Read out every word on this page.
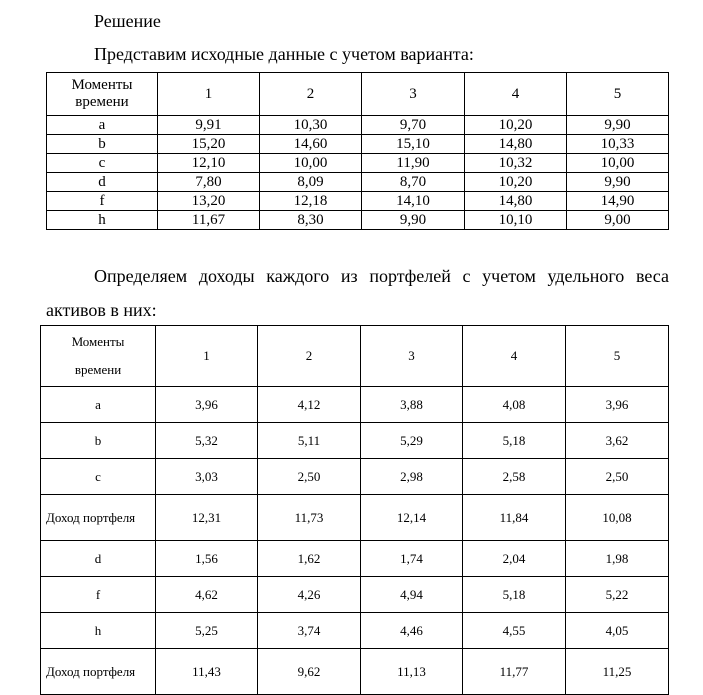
Решение

Представим исходные данные с учетом варианта:

Моменты
времени	1	2	3	4	5
a	9,91	10,30	9,70	10,20	9,90
b	15,20	14,60	15,10	14,80	10,33
c	12,10	10,00	11,90	10,32	10,00
d	7,80	8,09	8,70	10,20	9,90
f	13,20	12,18	14,10	14,80	14,90
h	11,67	8,30	9,90	10,10	9,00

Определяем доходы каждого из портфелей с учетом удельного веса

активов в них:

Моменты
времени	1	2	3	4	5
a	3,96	4,12	3,88	4,08	3,96
b	5,32	5,11	5,29	5,18	3,62
c	3,03	2,50	2,98	2,58	2,50
Доход портфеля	12,31	11,73	12,14	11,84	10,08
d	1,56	1,62	1,74	2,04	1,98
f	4,62	4,26	4,94	5,18	5,22
h	5,25	3,74	4,46	4,55	4,05
Доход портфеля	11,43	9,62	11,13	11,77	11,25
